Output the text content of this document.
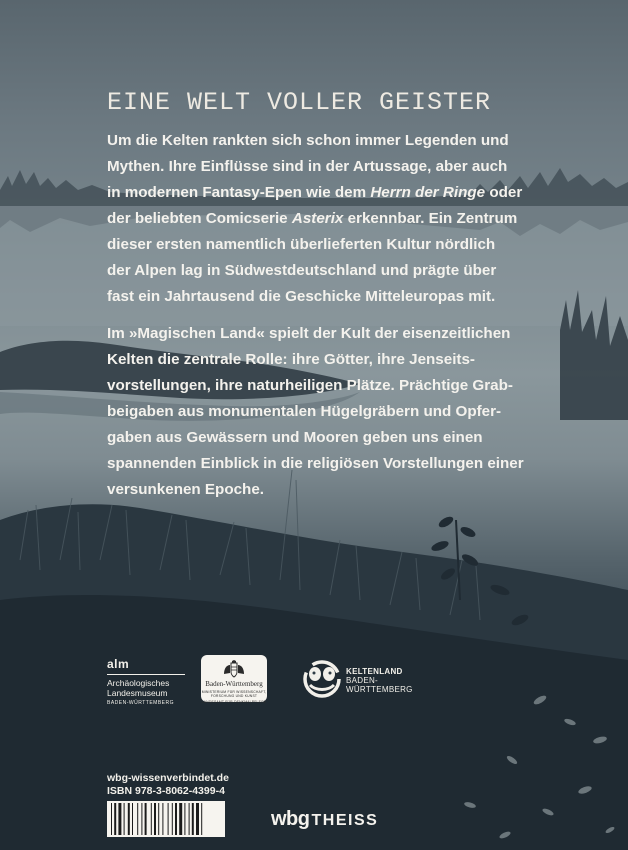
EINE WELT VOLLER GEISTER
Um die Kelten rankten sich schon immer Legenden und
Mythen. Ihre Einflüsse sind in der Artussage, aber auch
in modernen Fantasy-Epen wie dem Herrn der Ringe oder
der beliebten Comicserie Asterix erkennbar. Ein Zentrum
dieser ersten namentlich überlieferten Kultur nördlich
der Alpen lag in Südwestdeutschland und prägte über
fast ein Jahrtausend die Geschicke Mitteleuropas mit.
Im »Magischen Land« spielt der Kult der eisenzeitlichen
Kelten die zentrale Rolle: ihre Götter, ihre Jenseits-
vorstellungen, ihre naturheiligen Plätze. Prächtige Grab-
beigaben aus monumentalen Hügelgräbern und Opfer-
gaben aus Gewässern und Mooren geben uns einen
spannenden Einblick in die religiösen Vorstellungen einer
versunkenen Epoche.
alm
Archäologisches
Landesmuseum
BADEN-WÜRTTEMBERG
Baden-Württemberg
MINISTERIUM FÜR WISSENSCHAFT, FORSCHUNG UND KUNST
LANDESAMT FÜR DENKMALPFLEGE
KELTENLAND
BADEN-
WÜRTTEMBERG
wbg-wissenverbindet.de
ISBN 978-3-8062-4399-4
wbg THEISS
